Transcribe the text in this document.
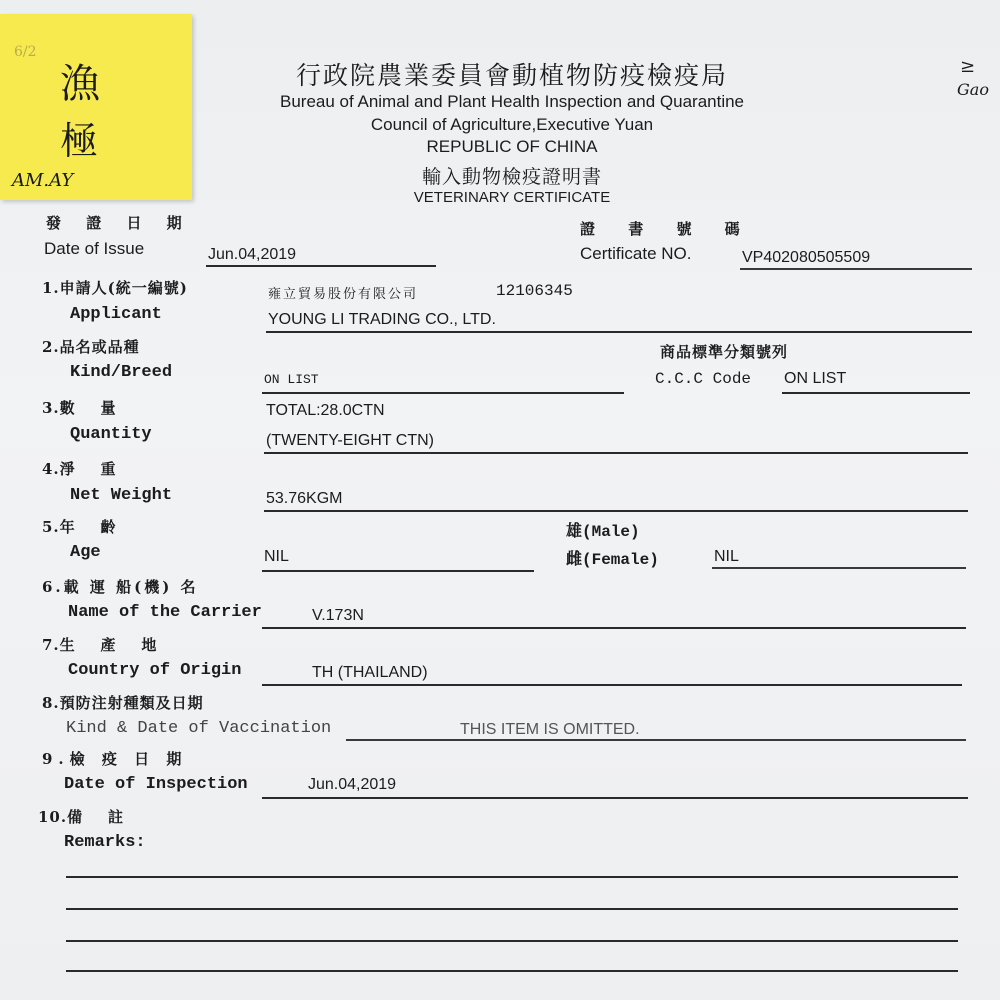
6/2
漁
極
AM.AY
≥
Gao
行政院農業委員會動植物防疫檢疫局
Bureau of Animal and Plant Health Inspection and Quarantine
Council of Agriculture,Executive Yuan
REPUBLIC OF CHINA
輸入動物檢疫證明書
VETERINARY CERTIFICATE
發 證 日 期
Date of Issue	Jun.04,2019
證 書 號 碼
Certificate NO.	VP402080505509
1.申請人(統一編號)
Applicant
雍立貿易股份有限公司	12106345
YOUNG LI TRADING CO., LTD.
2.品名或品種
Kind/Breed	ON LIST
商品標準分類號列
C.C.C Code ON LIST
3.數    量
Quantity
TOTAL:28.0CTN
(TWENTY-EIGHT CTN)
4.淨    重
Net Weight	53.76KGM
5.年    齡
Age	NIL
雄(Male)
雌(Female)	NIL
6.載 運 船(機) 名
Name of the Carrier	V.173N
7.生    產    地
Country of Origin	TH (THAILAND)
8.預防注射種類及日期
Kind & Date of Vaccination	THIS ITEM IS OMITTED.
9.檢 疫 日 期
Date of Inspection	Jun.04,2019
10.備    註
Remarks:
